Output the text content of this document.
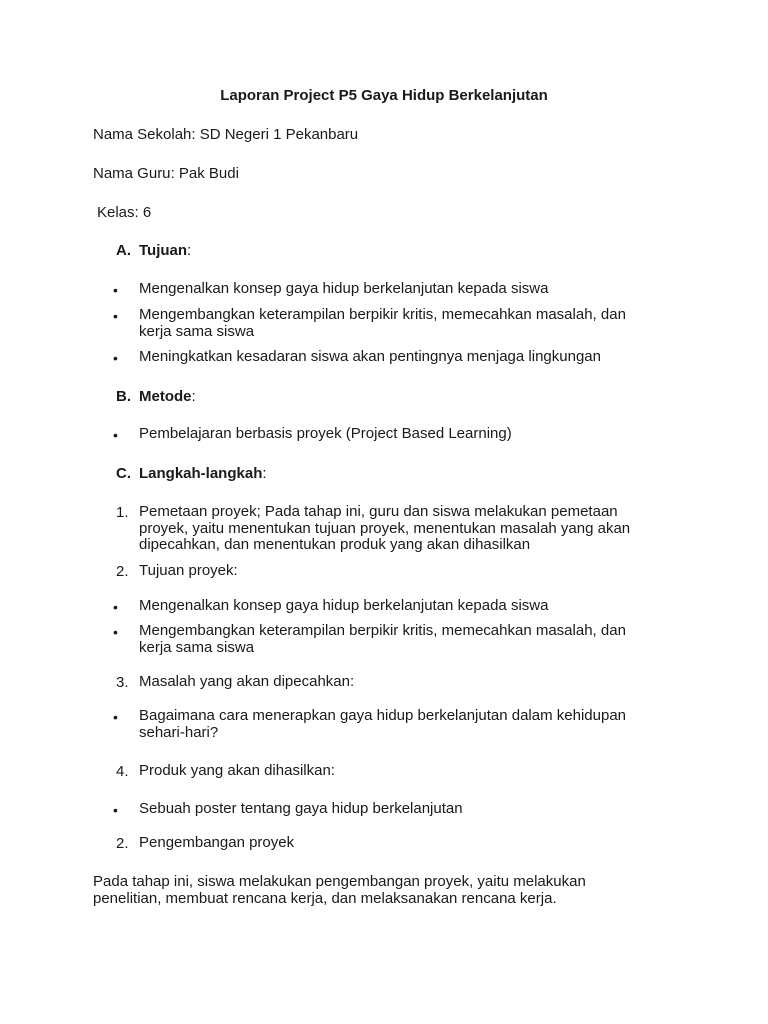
Laporan Project P5 Gaya Hidup Berkelanjutan
Nama Sekolah: SD Negeri 1 Pekanbaru
Nama Guru: Pak Budi
Kelas: 6
A. Tujuan:
• Mengenalkan konsep gaya hidup berkelanjutan kepada siswa
• Mengembangkan keterampilan berpikir kritis, memecahkan masalah, dan kerja sama siswa
• Meningkatkan kesadaran siswa akan pentingnya menjaga lingkungan
B. Metode:
• Pembelajaran berbasis proyek (Project Based Learning)
C. Langkah-langkah:
1. Pemetaan proyek; Pada tahap ini, guru dan siswa melakukan pemetaan proyek, yaitu menentukan tujuan proyek, menentukan masalah yang akan dipecahkan, dan menentukan produk yang akan dihasilkan
2. Tujuan proyek:
• Mengenalkan konsep gaya hidup berkelanjutan kepada siswa
• Mengembangkan keterampilan berpikir kritis, memecahkan masalah, dan kerja sama siswa
3. Masalah yang akan dipecahkan:
• Bagaimana cara menerapkan gaya hidup berkelanjutan dalam kehidupan sehari-hari?
4. Produk yang akan dihasilkan:
• Sebuah poster tentang gaya hidup berkelanjutan
2. Pengembangan proyek
Pada tahap ini, siswa melakukan pengembangan proyek, yaitu melakukan penelitian, membuat rencana kerja, dan melaksanakan rencana kerja.
